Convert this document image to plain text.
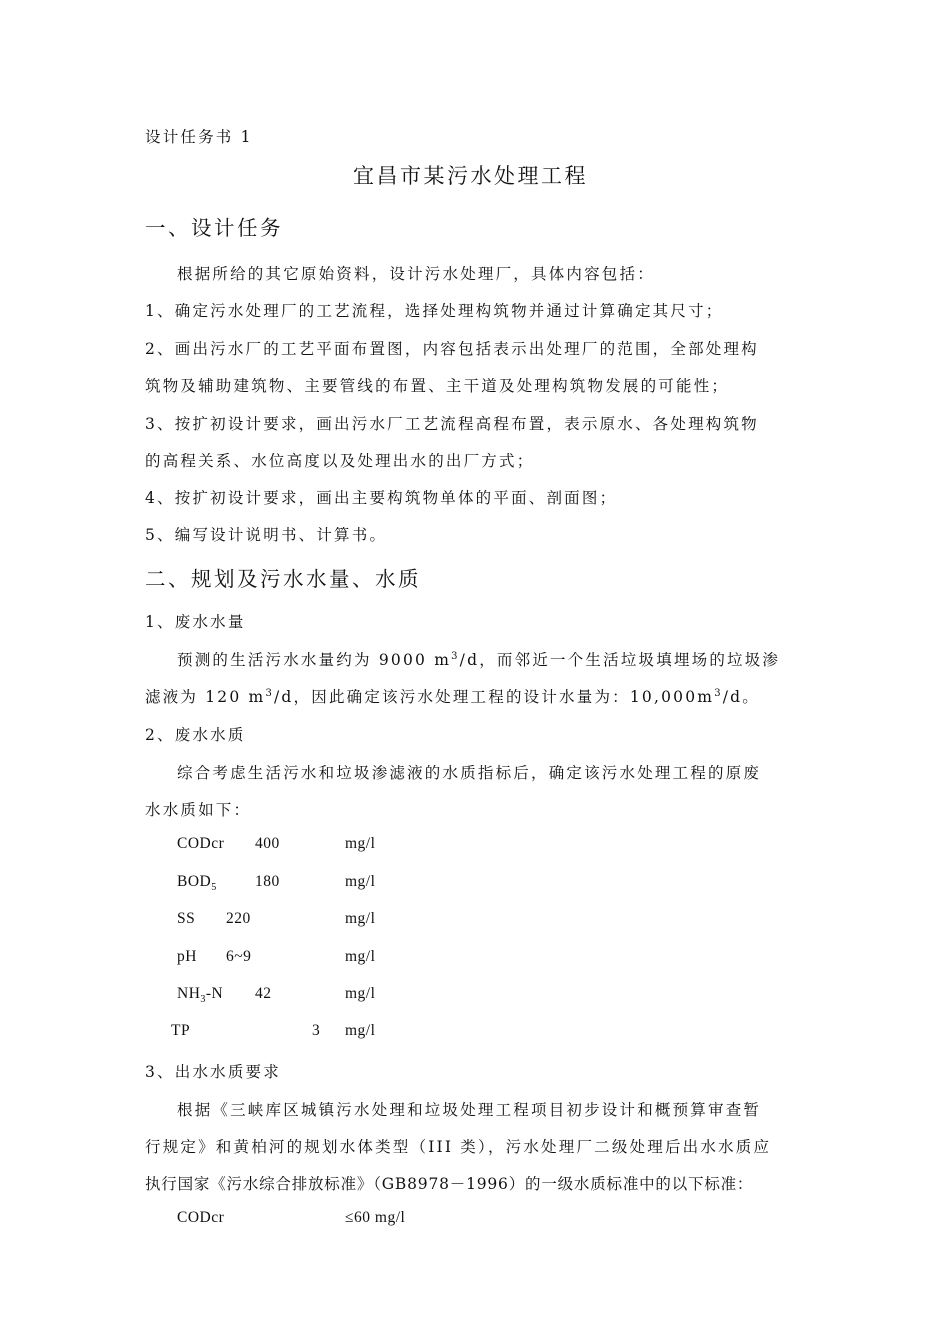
设计任务书 1
宜昌市某污水处理工程
一、设计任务
根据所给的其它原始资料，设计污水处理厂，具体内容包括：
1、确定污水处理厂的工艺流程，选择处理构筑物并通过计算确定其尺寸；
2、画出污水厂的工艺平面布置图，内容包括表示出处理厂的范围，全部处理构
筑物及辅助建筑物、主要管线的布置、主干道及处理构筑物发展的可能性；
3、按扩初设计要求，画出污水厂工艺流程高程布置，表示原水、各处理构筑物
的高程关系、水位高度以及处理出水的出厂方式；
4、按扩初设计要求，画出主要构筑物单体的平面、剖面图；
5、编写设计说明书、计算书。
二、规划及污水水量、水质
1、废水水量
预测的生活污水水量约为 9000 $m^3/d$，而邻近一个生活垃圾填埋场的垃圾渗
滤液为 120 $m^3/d$，因此确定该污水处理工程的设计水量为：$10,000m^3/d$。
2、废水水质
综合考虑生活污水和垃圾渗滤液的水质指标后，确定该污水处理工程的原废
水水质如下：
CODcr 400	mg/l
$BOD_5$ 180	mg/l
SS 220	mg/l
pH 6~9	mg/l
$NH_3-N$ 42	mg/l
TP	3 mg/l
3、出水水质要求
根据《三峡库区城镇污水处理和垃圾处理工程项目初步设计和概预算审查暂
行规定》和黄柏河的规划水体类型（III 类），污水处理厂二级处理后出水水质应
执行国家《污水综合排放标准》（GB8978－1996）的一级水质标准中的以下标准：
CODcr	≤60 mg/l
